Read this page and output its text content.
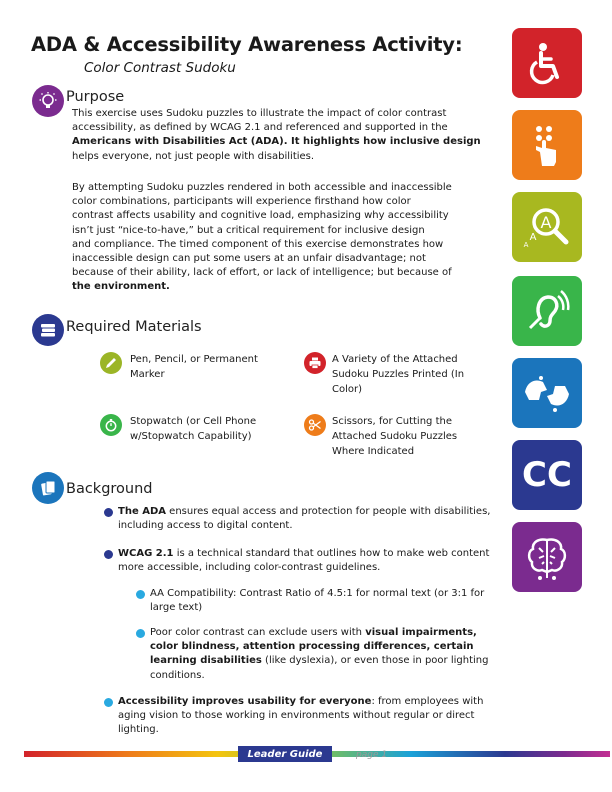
ADA & Accessibility Awareness Activity:
Color Contrast Sudoku
Purpose
This exercise uses Sudoku puzzles to illustrate the impact of color contrast
accessibility, as defined by WCAG 2.1 and referenced and supported in the
Americans with Disabilities Act (ADA). It highlights how inclusive design
helps everyone, not just people with disabilities.
By attempting Sudoku puzzles rendered in both accessible and inaccessible
color combinations, participants will experience firsthand how color
contrast affects usability and cognitive load, emphasizing why accessibility
isn’t just “nice-to-have,” but a critical requirement for inclusive design
and compliance. The timed component of this exercise demonstrates how
inaccessible design can put some users at an unfair disadvantage; not
because of their ability, lack of effort, or lack of intelligence; but because of
the environment.
Required Materials
Pen, Pencil, or Permanent Marker
A Variety of the Attached Sudoku Puzzles Printed (In Color)
Stopwatch (or Cell Phone w/Stopwatch Capability)
Scissors, for Cutting the Attached Sudoku Puzzles Where Indicated
Background
The ADA ensures equal access and protection for people with disabilities, including access to digital content.
WCAG 2.1 is a technical standard that outlines how to make web content more accessible, including color-contrast guidelines.
AA Compatibility: Contrast Ratio of 4.5:1 for normal text (or 3:1 for large text)
Poor color contrast can exclude users with visual impairments, color blindness, attention processing differences, certain learning disabilities (like dyslexia), or even those in poor lighting conditions.
Accessibility improves usability for everyone: from employees with aging vision to those working in environments without regular or direct lighting.
A
A
A
CC
Leader Guide	page 1
